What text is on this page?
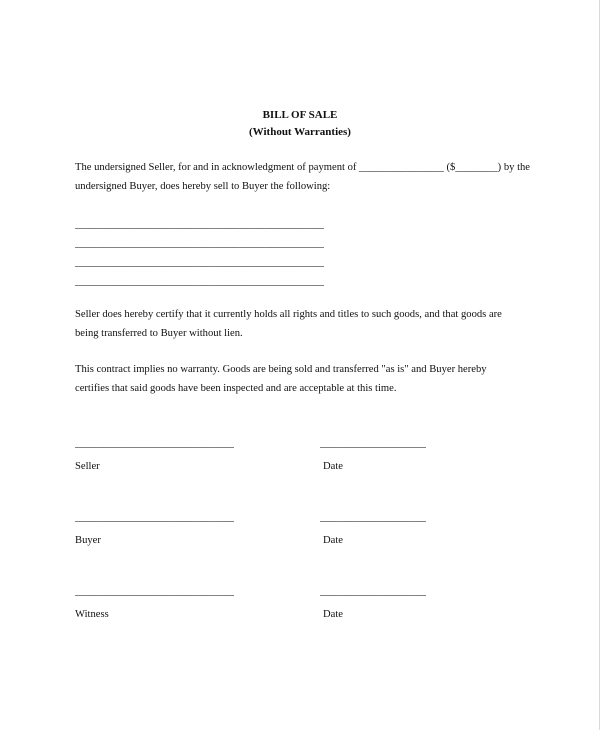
BILL OF SALE

(Without Warranties)

The undersigned Seller, for and in acknowledgment of payment of ________________ ($________) by the
undersigned Buyer, does hereby sell to Buyer the following:

_______________________________________________
_______________________________________________
_______________________________________________
_______________________________________________

Seller does hereby certify that it currently holds all rights and titles to such goods, and that goods are
being transferred to Buyer without lien.

This contract implies no warranty. Goods are being sold and transferred "as is" and Buyer hereby
certifies that said goods have been inspected and are acceptable at this time.

______________________________
Seller
____________________
Date
______________________________
Buyer
____________________
Date
______________________________
Witness
____________________
Date
